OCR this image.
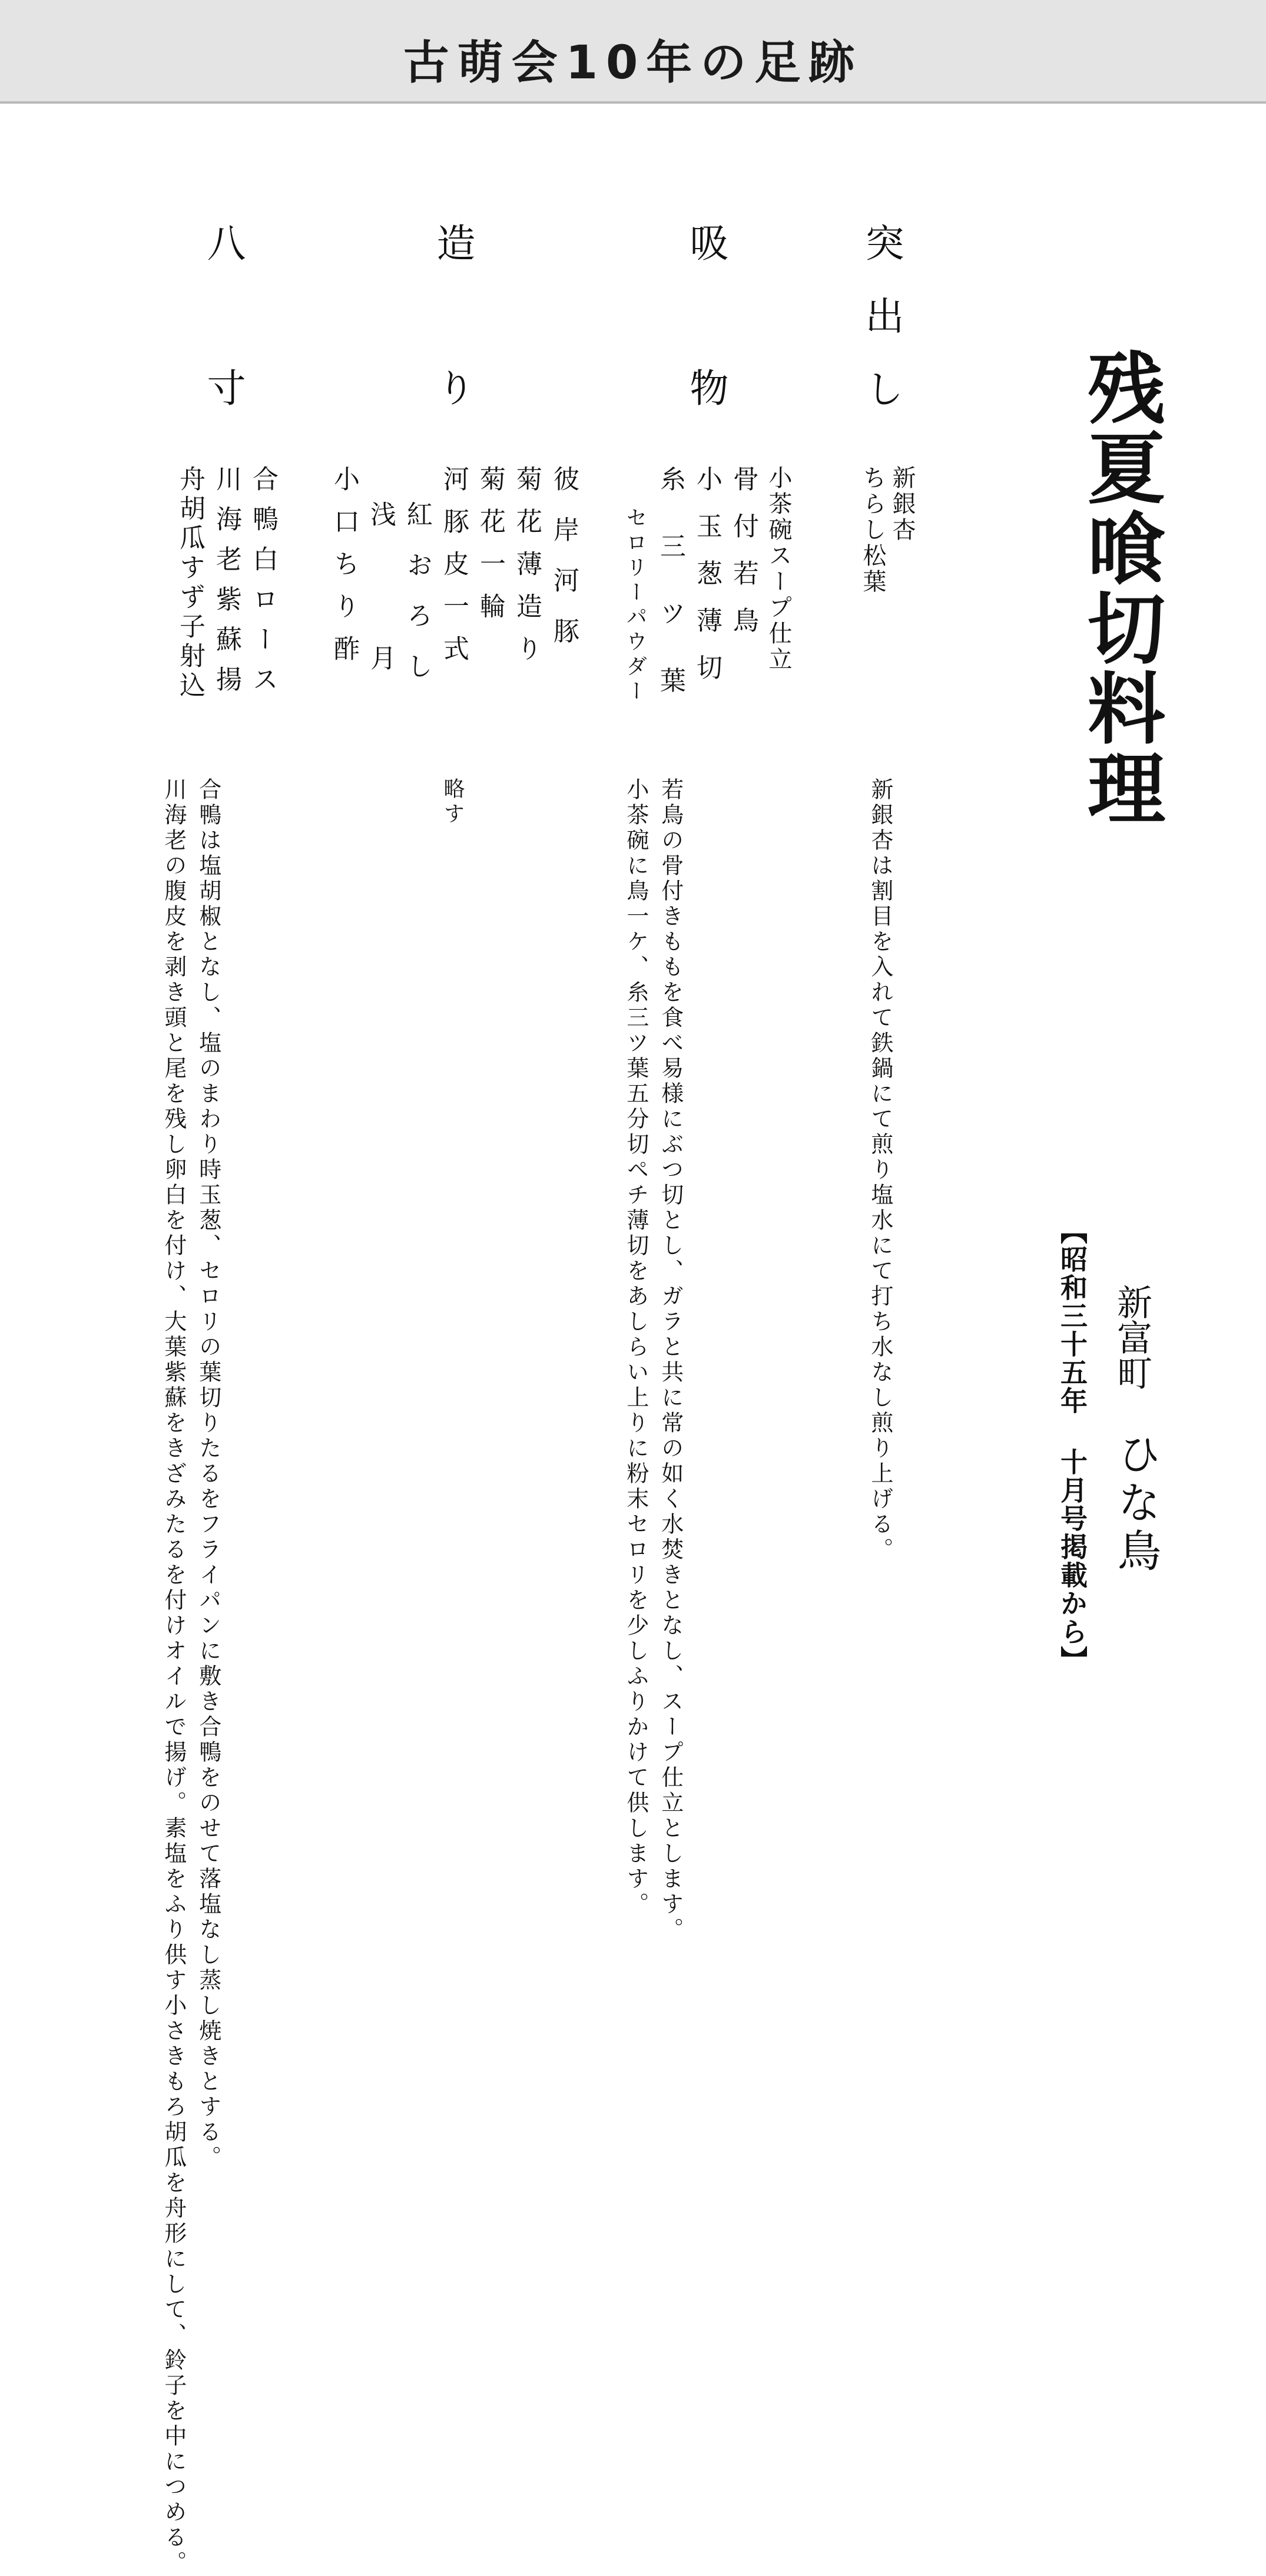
古萌会10年の足跡
残夏喰切料理
新富町
ひな鳥
【昭和三十五年 十月号掲載から】
突出し
新銀杏
ちらし松葉
新銀杏は割目を入れて鉄鍋にて煎り塩水にて打ち水なし煎り上げる。
吸物
小茶碗スープ仕立
骨付若鳥
小玉葱薄切
糸三ツ葉
セロリーパウダー
若鳥の骨付きももを食べ易様にぶつ切とし、ガラと共に常の如く水焚きとなし、スープ仕立とします。
小茶碗に鳥一ケ、糸三ツ葉五分切ペチ薄切をあしらい上りに粉末セロリを少しふりかけて供します。
造り
彼岸河豚
菊花薄造り
菊花一輪
河豚皮一式
紅おろし
浅月
小口ちり酢
略す
八寸
合鴨白ロース
川海老紫蘇揚
舟胡瓜すず子射込
合鴨は塩胡椒となし、塩のまわり時玉葱、セロリの葉切りたるをフライパンに敷き合鴨をのせて落塩なし蒸し焼きとする。
川海老の腹皮を剥き頭と尾を残し卵白を付け、大葉紫蘇をきざみたるを付けオイルで揚げ。素塩をふり供す小さきもろ胡瓜を舟形にして、鈴子を中につめる。
